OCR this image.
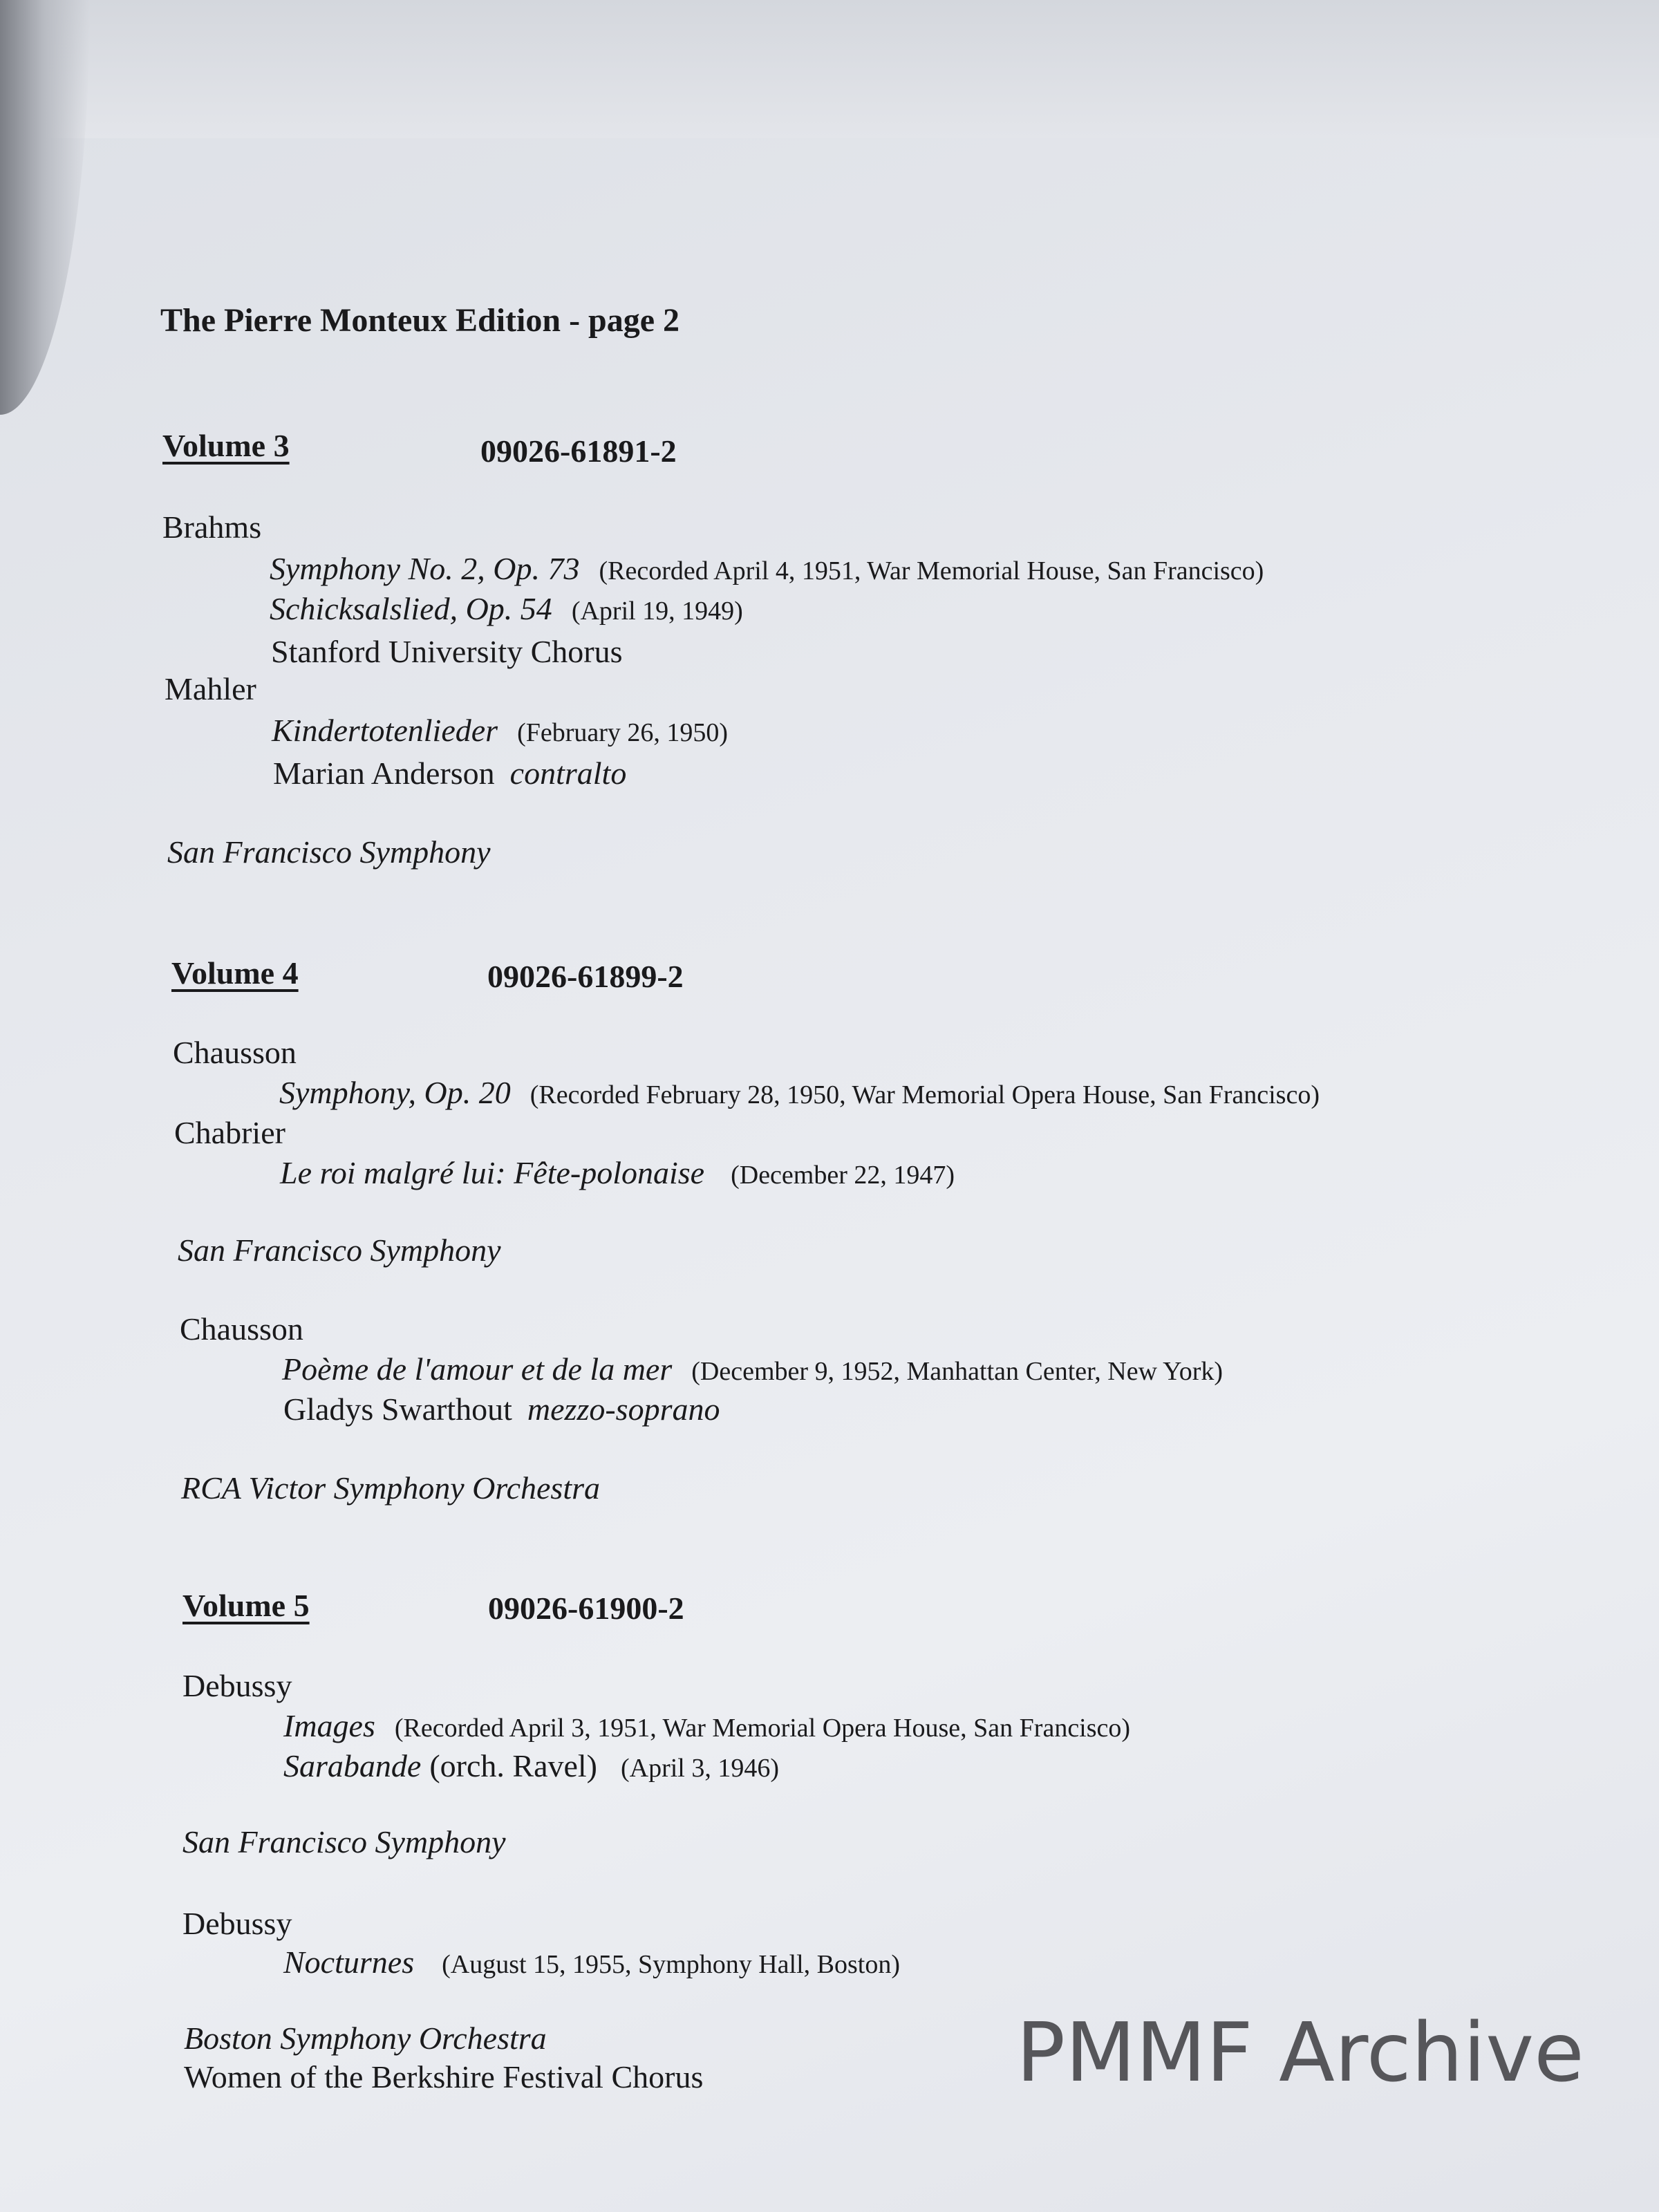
The Pierre Monteux Edition - page 2
Volume 3	09026-61891-2
Brahms
Symphony No. 2, Op. 73 (Recorded April 4, 1951, War Memorial House, San Francisco)
Schicksalslied, Op. 54 (April 19, 1949)
Stanford University Chorus
Mahler
Kindertotenlieder (February 26, 1950)
Marian Anderson contralto
San Francisco Symphony
Volume 4	09026-61899-2
Chausson
Symphony, Op. 20 (Recorded February 28, 1950, War Memorial Opera House, San Francisco)
Chabrier
Le roi malgré lui: Fête-polonaise (December 22, 1947)
San Francisco Symphony
Chausson
Poème de l'amour et de la mer (December 9, 1952, Manhattan Center, New York)
Gladys Swarthout mezzo-soprano
RCA Victor Symphony Orchestra
Volume 5	09026-61900-2
Debussy
Images (Recorded April 3, 1951, War Memorial Opera House, San Francisco)
Sarabande (orch. Ravel) (April 3, 1946)
San Francisco Symphony
Debussy
Nocturnes (August 15, 1955, Symphony Hall, Boston)
Boston Symphony Orchestra
Women of the Berkshire Festival Chorus	PMMF Archive
